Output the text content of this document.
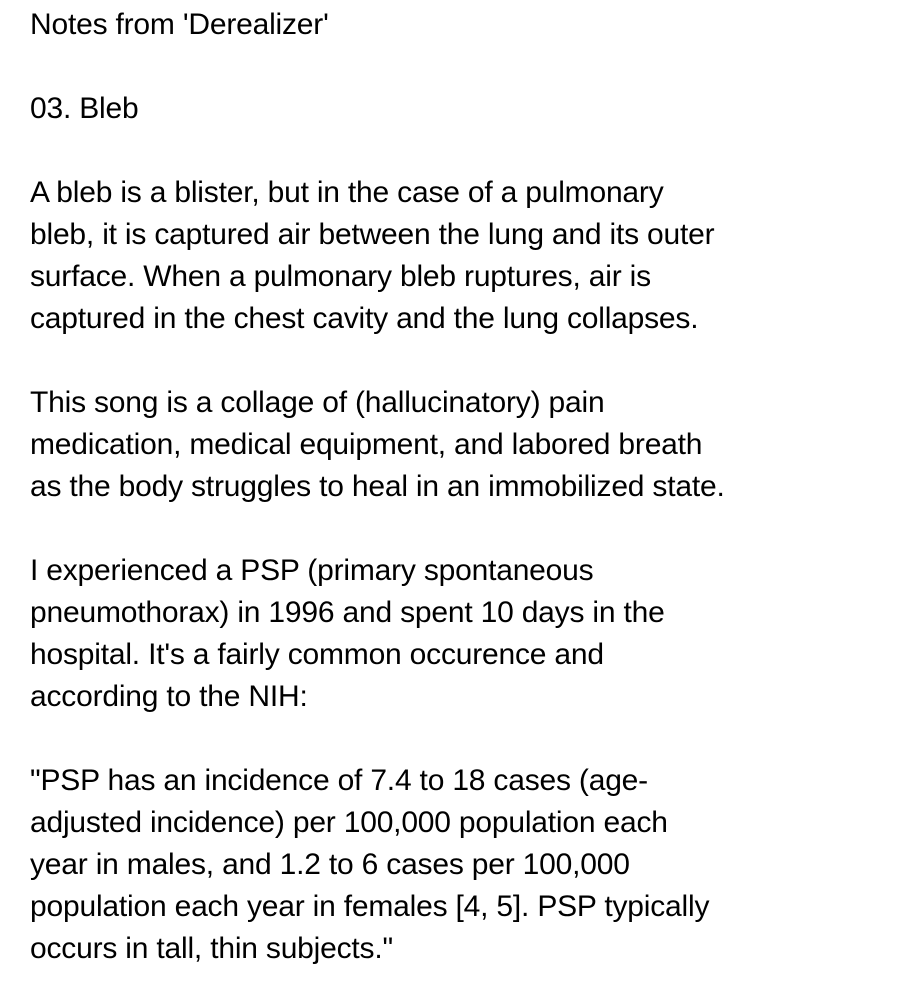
Notes from 'Derealizer'
03. Bleb
A bleb is a blister, but in the case of a pulmonary
bleb, it is captured air between the lung and its outer
surface. When a pulmonary bleb ruptures, air is
captured in the chest cavity and the lung collapses.
This song is a collage of (hallucinatory) pain
medication, medical equipment, and labored breath
as the body struggles to heal in an immobilized state.
I experienced a PSP (primary spontaneous
pneumothorax) in 1996 and spent 10 days in the
hospital. It's a fairly common occurence and
according to the NIH:
"PSP has an incidence of 7.4 to 18 cases (age-
adjusted incidence) per 100,000 population each
year in males, and 1.2 to 6 cases per 100,000
population each year in females [4, 5]. PSP typically
occurs in tall, thin subjects."
